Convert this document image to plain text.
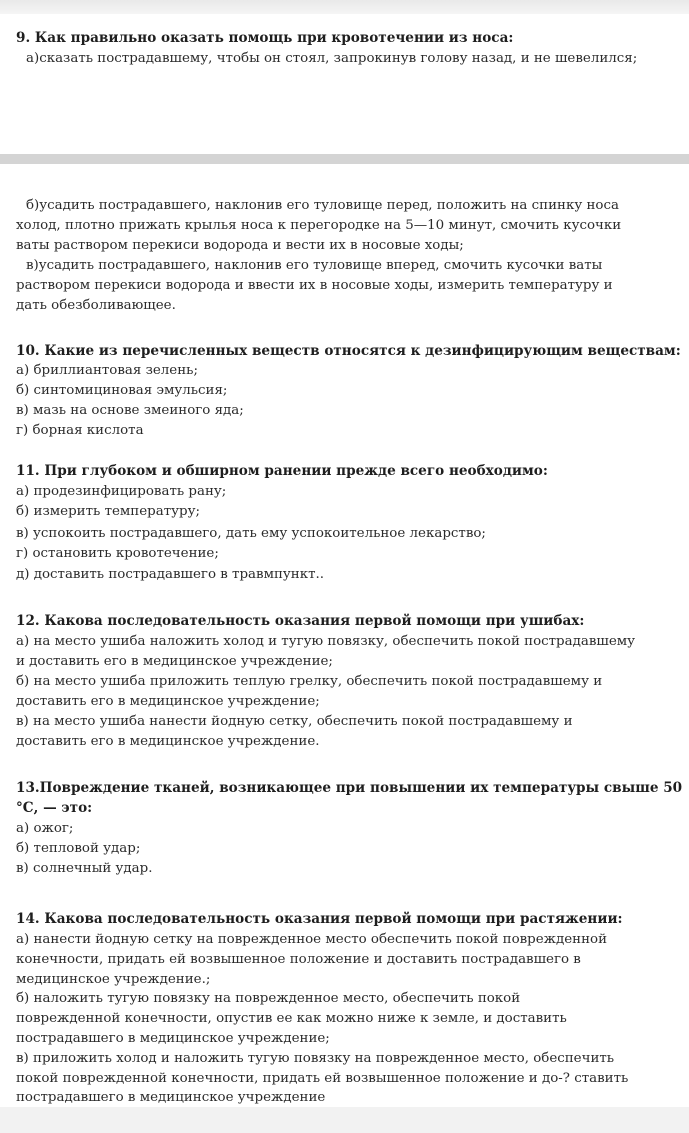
9. Как правильно оказать помощь при кровотечении из носа:
а)сказать пострадавшему, чтобы он стоял, запрокинув голову назад, и не шевелился;
б)усадить пострадавшего, наклонив его туловище перед, положить на спинку носа
холод, плотно прижать крылья носа к перегородке на 5—10 минут, смочить кусочки
ваты раствором перекиси водорода и вести их в носовые ходы;
в)усадить пострадавшего, наклонив его туловище вперед, смочить кусочки ваты
раствором перекиси водорода и ввести их в носовые ходы, измерить температуру и
дать обезболивающее.
10. Какие из перечисленных веществ относятся к дезинфицирующим веществам:
а) бриллиантовая зелень;
б) синтомициновая эмульсия;
в) мазь на основе змеиного яда;
г) борная кислота
11. При глубоком и обширном ранении прежде всего необходимо:
а) продезинфицировать рану;
б) измерить температуру;
в) успокоить пострадавшего, дать ему успокоительное лекарство;
г) остановить кровотечение;
д) доставить пострадавшего в травмпункт..
12. Какова последовательность оказания первой помощи при ушибах:
а) на место ушиба наложить холод и тугую повязку, обеспечить покой пострадавшему
и доставить его в медицинское учреждение;
б) на место ушиба приложить теплую грелку, обеспечить покой пострадавшему и
доставить его в медицинское учреждение;
в) на место ушиба нанести йодную сетку, обеспечить покой пострадавшему и
доставить его в медицинское учреждение.
13.Повреждение тканей, возникающее при повышении их температуры свыше 50
°С, — это:
а) ожог;
б) тепловой удар;
в) солнечный удар.
14. Какова последовательность оказания первой помощи при растяжении:
а) нанести йодную сетку на поврежденное место обеспечить покой поврежденной
конечности, придать ей возвышенное положение и доставить пострадавшего в
медицинское учреждение.;
б) наложить тугую повязку на поврежденное место, обеспечить покой
поврежденной конечности, опустив ее как можно ниже к земле, и доставить
пострадавшего в медицинское учреждение;
в) приложить холод и наложить тугую повязку на поврежденное место, обеспечить
покой поврежденной конечности, придать ей возвышенное положение и до-? ставить
пострадавшего в медицинское учреждение
